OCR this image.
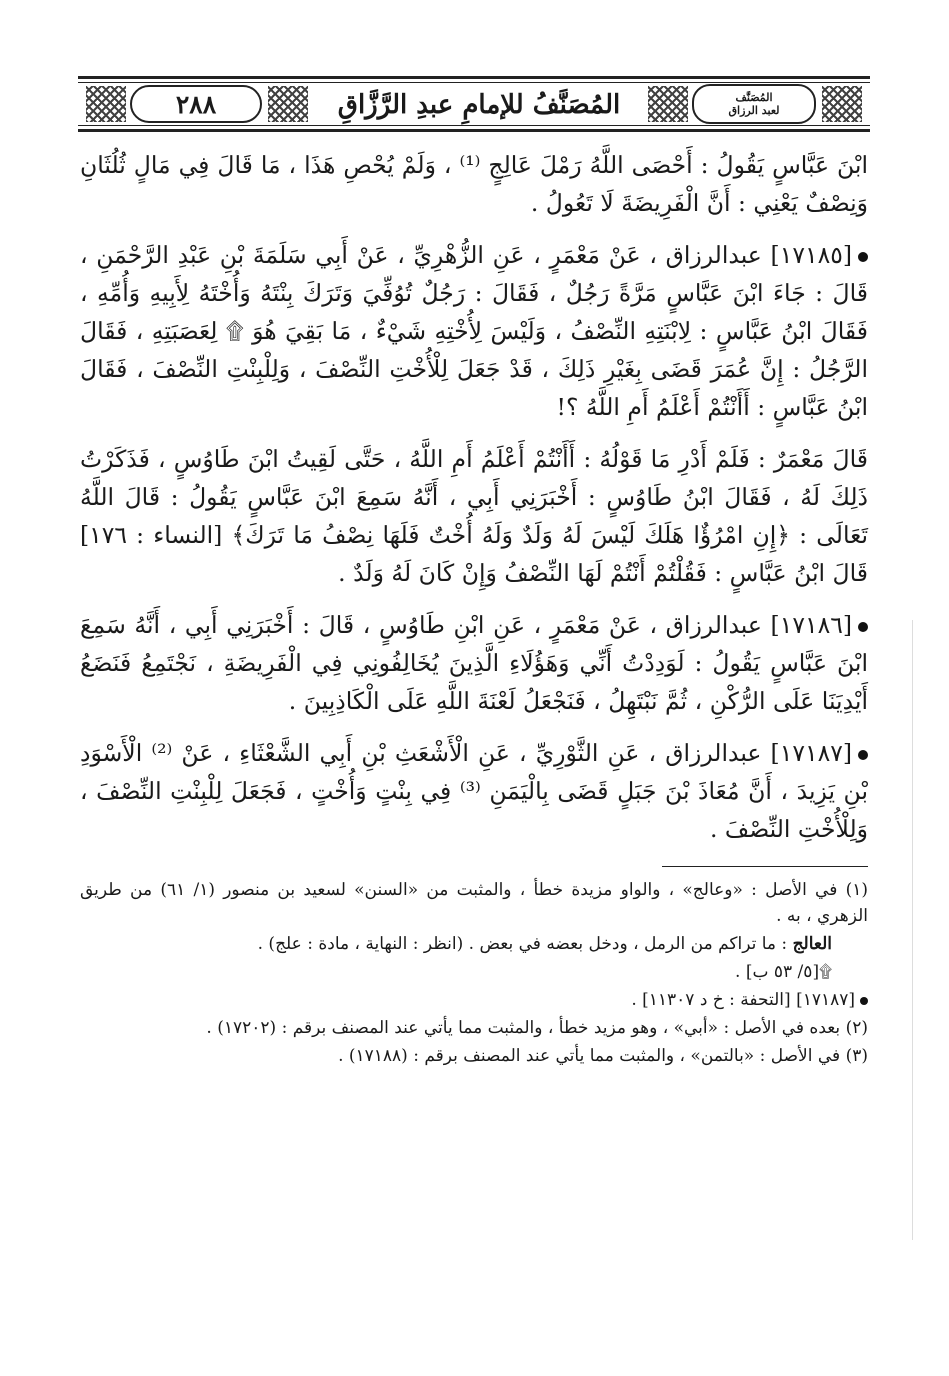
٢٨٨	المُصَنَّفُ للإمامِ عبدِ الرَّزَّاقِ	المُصَنَّف
لعبد الرزاق

ابْنَ عَبَّاسٍ يَقُولُ : أَحْصَى اللَّهُ رَمْلَ عَالِجٍ ⁽¹⁾ ، وَلَمْ يُحْصِ هَذَا ، مَا قَالَ فِي مَالٍ ثُلُثَانِ وَنِصْفٌ يَعْنِي : أَنَّ الْفَرِيضَةَ لَا تَعُولُ .

[١٧١٨٥] عبدالرزاق ، عَنْ مَعْمَرٍ ، عَنِ الزُّهْرِيِّ ، عَنْ أَبِي سَلَمَةَ بْنِ عَبْدِ الرَّحْمَنِ ، قَالَ : جَاءَ ابْنَ عَبَّاسٍ مَرَّةً رَجُلٌ ، فَقَالَ : رَجُلٌ تُوُفِّيَ وَتَرَكَ بِنْتَهُ وَأُخْتَهُ لِأَبِيهِ وَأُمِّهِ ، فَقَالَ ابْنُ عَبَّاسٍ : لِابْنَتِهِ النِّصْفُ ، وَلَيْسَ لِأُخْتِهِ شَيْءٌ ، مَا بَقِيَ هُوَ ۩ لِعَصَبَتِهِ ، فَقَالَ الرَّجُلُ : إِنَّ عُمَرَ قَضَى بِغَيْرِ ذَلِكَ ، قَدْ جَعَلَ لِلْأُخْتِ النِّصْفَ ، وَلِلْبِنْتِ النِّصْفَ ، فَقَالَ ابْنُ عَبَّاسٍ : أَأَنْتُمْ أَعْلَمُ أَمِ اللَّهُ ؟!

قَالَ مَعْمَرٌ : فَلَمْ أَدْرِ مَا قَوْلُهُ : أَأَنْتُمْ أَعْلَمُ أَمِ اللَّهُ ، حَتَّى لَقِيتُ ابْنَ طَاوُسٍ ، فَذَكَرْتُ ذَلِكَ لَهُ ، فَقَالَ ابْنُ طَاوُسٍ : أَخْبَرَنِي أَبِي ، أَنَّهُ سَمِعَ ابْنَ عَبَّاسٍ يَقُولُ : قَالَ اللَّهُ تَعَالَى : ﴿إِنِ امْرُؤٌا هَلَكَ لَيْسَ لَهُ وَلَدٌ وَلَهُ أُخْتٌ فَلَهَا نِصْفُ مَا تَرَكَ﴾ [النساء : ١٧٦] قَالَ ابْنُ عَبَّاسٍ : فَقُلْتُمْ أَنْتُمْ لَهَا النِّصْفُ وَإِنْ كَانَ لَهُ وَلَدٌ .

[١٧١٨٦] عبدالرزاق ، عَنْ مَعْمَرٍ ، عَنِ ابْنِ طَاوُسٍ ، قَالَ : أَخْبَرَنِي أَبِي ، أَنَّهُ سَمِعَ ابْنَ عَبَّاسٍ يَقُولُ : لَوَدِدْتُ أَنِّي وَهَؤُلَاءِ الَّذِينَ يُخَالِفُونِي فِي الْفَرِيضَةِ ، نَجْتَمِعُ فَنَضَعُ أَيْدِيَنَا عَلَى الرُّكْنِ ، ثُمَّ نَبْتَهِلُ ، فَنَجْعَلُ لَعْنَةَ اللَّهِ عَلَى الْكَاذِبِينَ .

[١٧١٨٧] عبدالرزاق ، عَنِ الثَّوْرِيِّ ، عَنِ الْأَشْعَثِ بْنِ أَبِي الشَّعْثَاءِ ، عَنْ ⁽²⁾ الْأَسْوَدِ بْنِ يَزِيدَ ، أَنَّ مُعَاذَ بْنَ جَبَلٍ قَضَى بِالْيَمَنِ ⁽³⁾ فِي بِنْتٍ وَأُخْتٍ ، فَجَعَلَ لِلْبِنْتِ النِّصْفَ ، وَلِلْأُخْتِ النِّصْفَ .

(١) في الأصل : «وعالج» ، والواو مزيدة خطأ ، والمثبت من «السنن» لسعيد بن منصور (١/ ٦١) من طريق الزهري ، به .
العالج : ما تراكم من الرمل ، ودخل بعضه في بعض . (انظر : النهاية ، مادة : علج) .
۩[٥/ ٥٣ ب] .
[١٧١٨٧] [التحفة : خ د ١١٣٠٧] .
(٢) بعده في الأصل : «أبي» ، وهو مزيد خطأ ، والمثبت مما يأتي عند المصنف برقم : (١٧٢٠٢) .
(٣) في الأصل : «بالتمن» ، والمثبت مما يأتي عند المصنف برقم : (١٧١٨٨) .
